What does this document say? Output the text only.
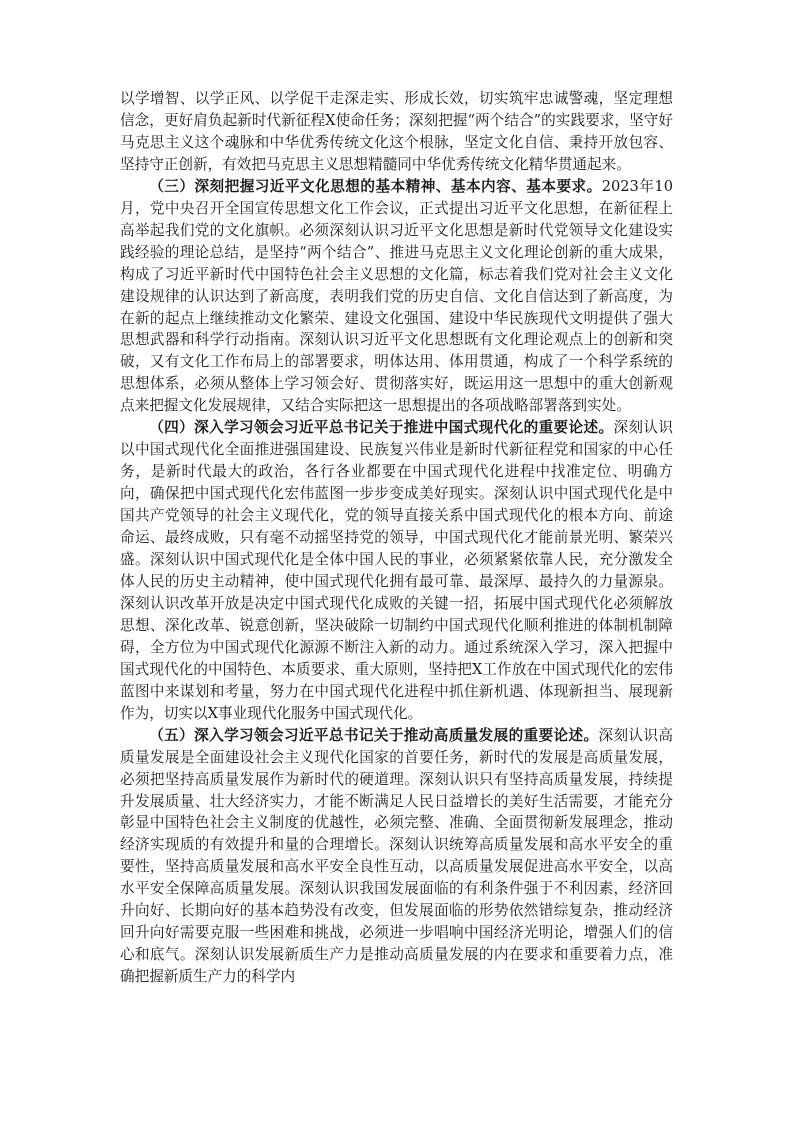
以学增智、以学正风、以学促干走深走实、形成长效，切实筑牢忠诚警魂，坚定理想信念，更好肩负起新时代新征程X使命任务；深刻把握“两个结合”的实践要求，坚守好马克思主义这个魂脉和中华优秀传统文化这个根脉，坚定文化自信、秉持开放包容、坚持守正创新，有效把马克思主义思想精髓同中华优秀传统文化精华贯通起来。

（三）深刻把握习近平文化思想的基本精神、基本内容、基本要求。2023年10月，党中央召开全国宣传思想文化工作会议，正式提出习近平文化思想，在新征程上高举起我们党的文化旗帜。必须深刻认识习近平文化思想是新时代党领导文化建设实践经验的理论总结，是坚持“两个结合”、推进马克思主义文化理论创新的重大成果，构成了习近平新时代中国特色社会主义思想的文化篇，标志着我们党对社会主义文化建设规律的认识达到了新高度，表明我们党的历史自信、文化自信达到了新高度，为在新的起点上继续推动文化繁荣、建设文化强国、建设中华民族现代文明提供了强大思想武器和科学行动指南。深刻认识习近平文化思想既有文化理论观点上的创新和突破，又有文化工作布局上的部署要求，明体达用、体用贯通，构成了一个科学系统的思想体系，必须从整体上学习领会好、贯彻落实好，既运用这一思想中的重大创新观点来把握文化发展规律，又结合实际把这一思想提出的各项战略部署落到实处。

（四）深入学习领会习近平总书记关于推进中国式现代化的重要论述。深刻认识以中国式现代化全面推进强国建设、民族复兴伟业是新时代新征程党和国家的中心任务，是新时代最大的政治，各行各业都要在中国式现代化进程中找准定位、明确方向，确保把中国式现代化宏伟蓝图一步步变成美好现实。深刻认识中国式现代化是中国共产党领导的社会主义现代化，党的领导直接关系中国式现代化的根本方向、前途命运、最终成败，只有毫不动摇坚持党的领导，中国式现代化才能前景光明、繁荣兴盛。深刻认识中国式现代化是全体中国人民的事业，必须紧紧依靠人民，充分激发全体人民的历史主动精神，使中国式现代化拥有最可靠、最深厚、最持久的力量源泉。深刻认识改革开放是决定中国式现代化成败的关键一招，拓展中国式现代化必须解放思想、深化改革、锐意创新，坚决破除一切制约中国式现代化顺利推进的体制机制障碍，全方位为中国式现代化源源不断注入新的动力。通过系统深入学习，深入把握中国式现代化的中国特色、本质要求、重大原则，坚持把X工作放在中国式现代化的宏伟蓝图中来谋划和考量，努力在中国式现代化进程中抓住新机遇、体现新担当、展现新作为，切实以X事业现代化服务中国式现代化。

（五）深入学习领会习近平总书记关于推动高质量发展的重要论述。深刻认识高质量发展是全面建设社会主义现代化国家的首要任务，新时代的发展是高质量发展，必须把坚持高质量发展作为新时代的硬道理。深刻认识只有坚持高质量发展，持续提升发展质量、壮大经济实力，才能不断满足人民日益增长的美好生活需要，才能充分彰显中国特色社会主义制度的优越性，必须完整、准确、全面贯彻新发展理念，推动经济实现质的有效提升和量的合理增长。深刻认识统筹高质量发展和高水平安全的重要性，坚持高质量发展和高水平安全良性互动，以高质量发展促进高水平安全，以高水平安全保障高质量发展。深刻认识我国发展面临的有利条件强于不利因素，经济回升向好、长期向好的基本趋势没有改变，但发展面临的形势依然错综复杂，推动经济回升向好需要克服一些困难和挑战，必须进一步唱响中国经济光明论，增强人们的信心和底气。深刻认识发展新质生产力是推动高质量发展的内在要求和重要着力点，准确把握新质生产力的科学内
